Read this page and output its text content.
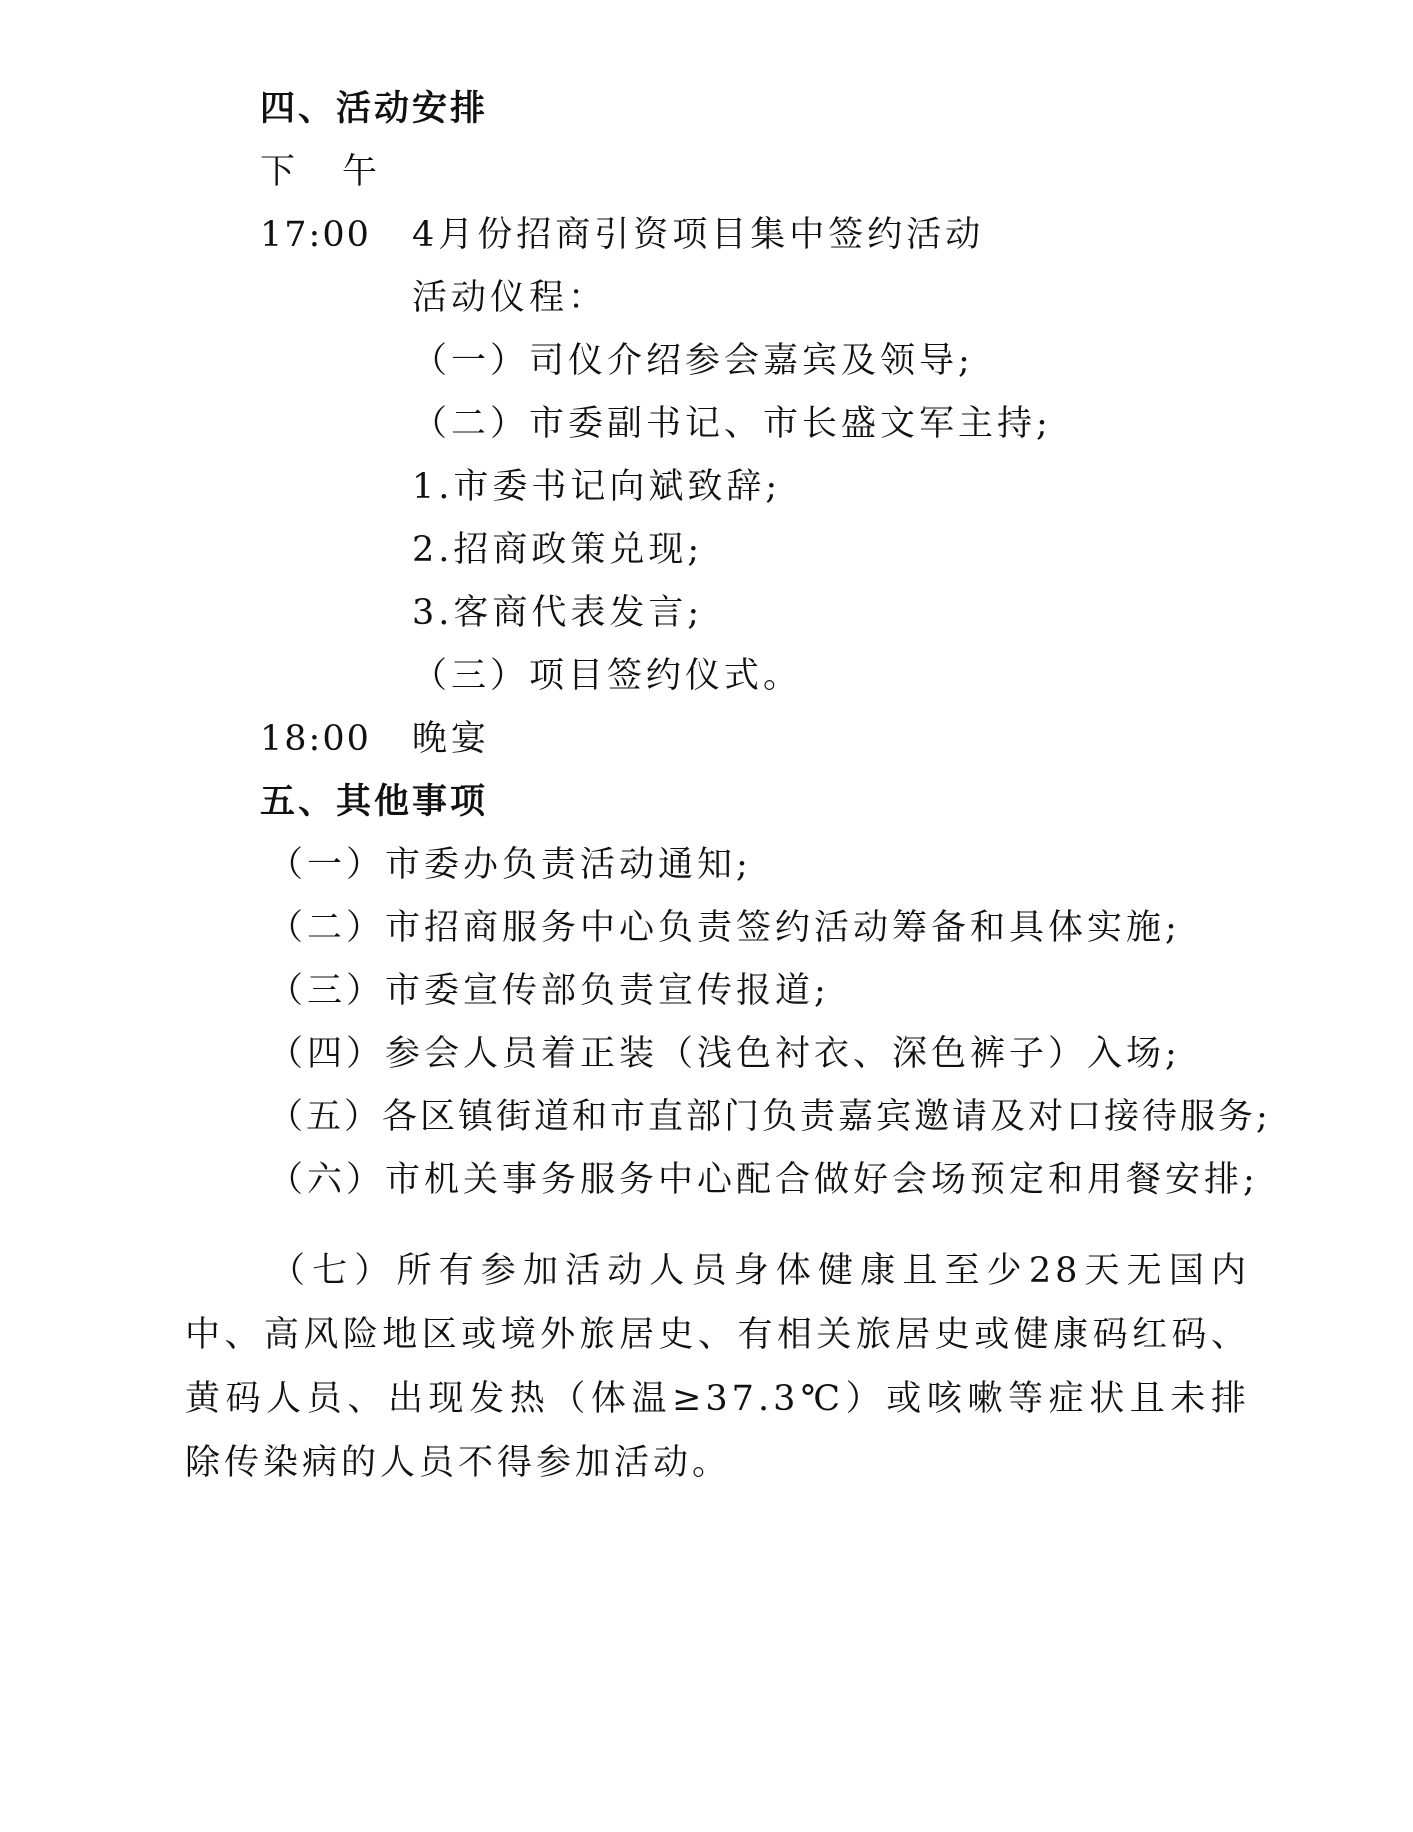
四、活动安排

下　午

17:00 4月份招商引资项目集中签约活动

活动仪程：

（一）司仪介绍参会嘉宾及领导;

（二）市委副书记、市长盛文军主持;

1.市委书记向斌致辞;

2.招商政策兑现;

3.客商代表发言;

（三）项目签约仪式。

18:00 晚宴

五、其他事项

（一）市委办负责活动通知;

（二）市招商服务中心负责签约活动筹备和具体实施;

（三）市委宣传部负责宣传报道;

（四）参会人员着正装（浅色衬衣、深色裤子）入场;

（五）各区镇街道和市直部门负责嘉宾邀请及对口接待服务;

（六）市机关事务服务中心配合做好会场预定和用餐安排;

（七）所有参加活动人员身体健康且至少28天无国内中、高风险地区或境外旅居史、有相关旅居史或健康码红码、黄码人员、出现发热（体温≥37.3℃）或咳嗽等症状且未排除传染病的人员不得参加活动。
